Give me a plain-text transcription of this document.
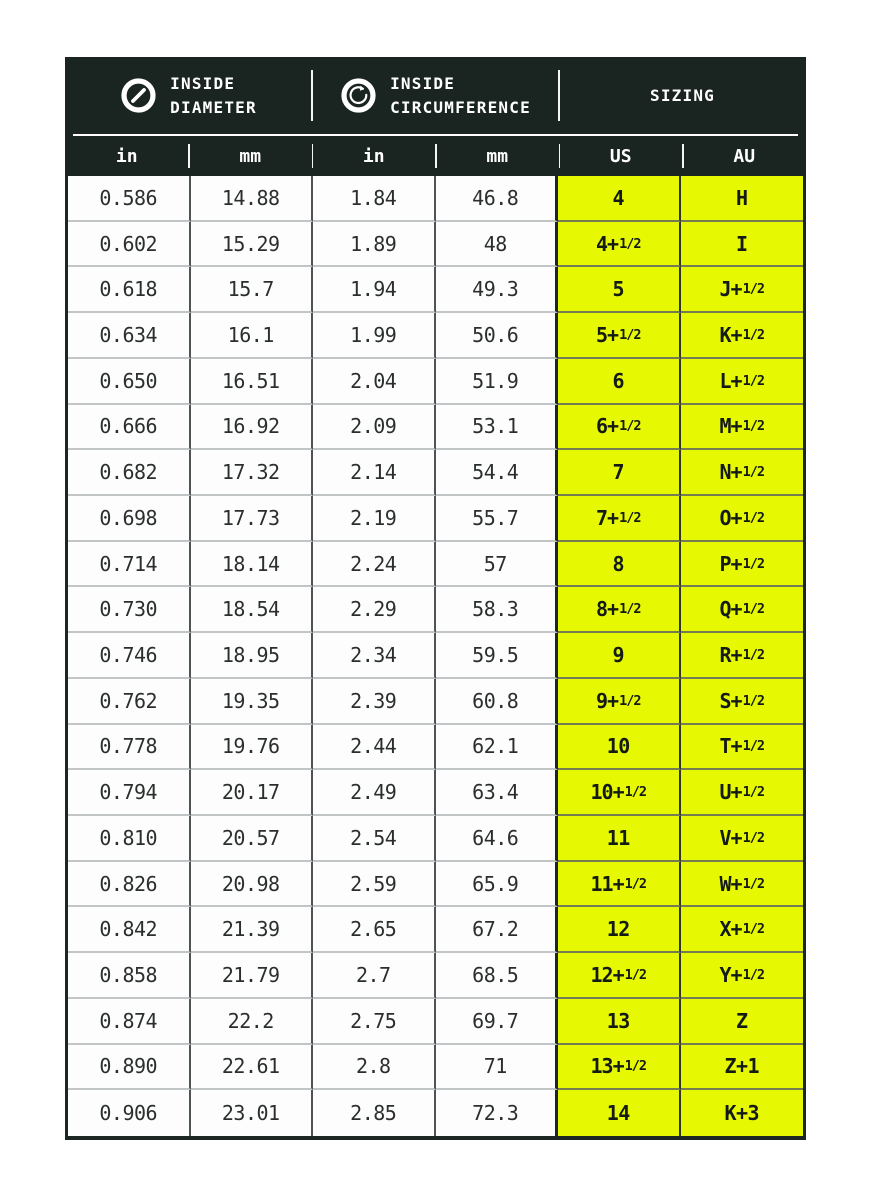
INSIDE

DIAMETER

INSIDE

CIRCUMFERENCE

SIZING
in	mm	in	mm	US	AU
0.586	14.88	1.84	46.8	4	H
0.602	15.29	1.89	48	4+ 1/2	I
0.618	15.7	1.94	49.3	5	J+ 1/2
0.634	16.1	1.99	50.6	5+ 1/2	K+ 1/2
0.650	16.51	2.04	51.9	6	L+ 1/2
0.666	16.92	2.09	53.1	6+ 1/2	M+ 1/2
0.682	17.32	2.14	54.4	7	N+ 1/2
0.698	17.73	2.19	55.7	7+ 1/2	O+ 1/2
0.714	18.14	2.24	57	8	P+ 1/2
0.730	18.54	2.29	58.3	8+ 1/2	Q+ 1/2
0.746	18.95	2.34	59.5	9	R+ 1/2
0.762	19.35	2.39	60.8	9+ 1/2	S+ 1/2
0.778	19.76	2.44	62.1	10	T+ 1/2
0.794	20.17	2.49	63.4	10+ 1/2	U+ 1/2
0.810	20.57	2.54	64.6	11	V+ 1/2
0.826	20.98	2.59	65.9	11+ 1/2	W+ 1/2
0.842	21.39	2.65	67.2	12	X+ 1/2
0.858	21.79	2.7	68.5	12+ 1/2	Y+ 1/2
0.874	22.2	2.75	69.7	13	Z
0.890	22.61	2.8	71	13+ 1/2	Z+1
0.906	23.01	2.85	72.3	14	K+3
